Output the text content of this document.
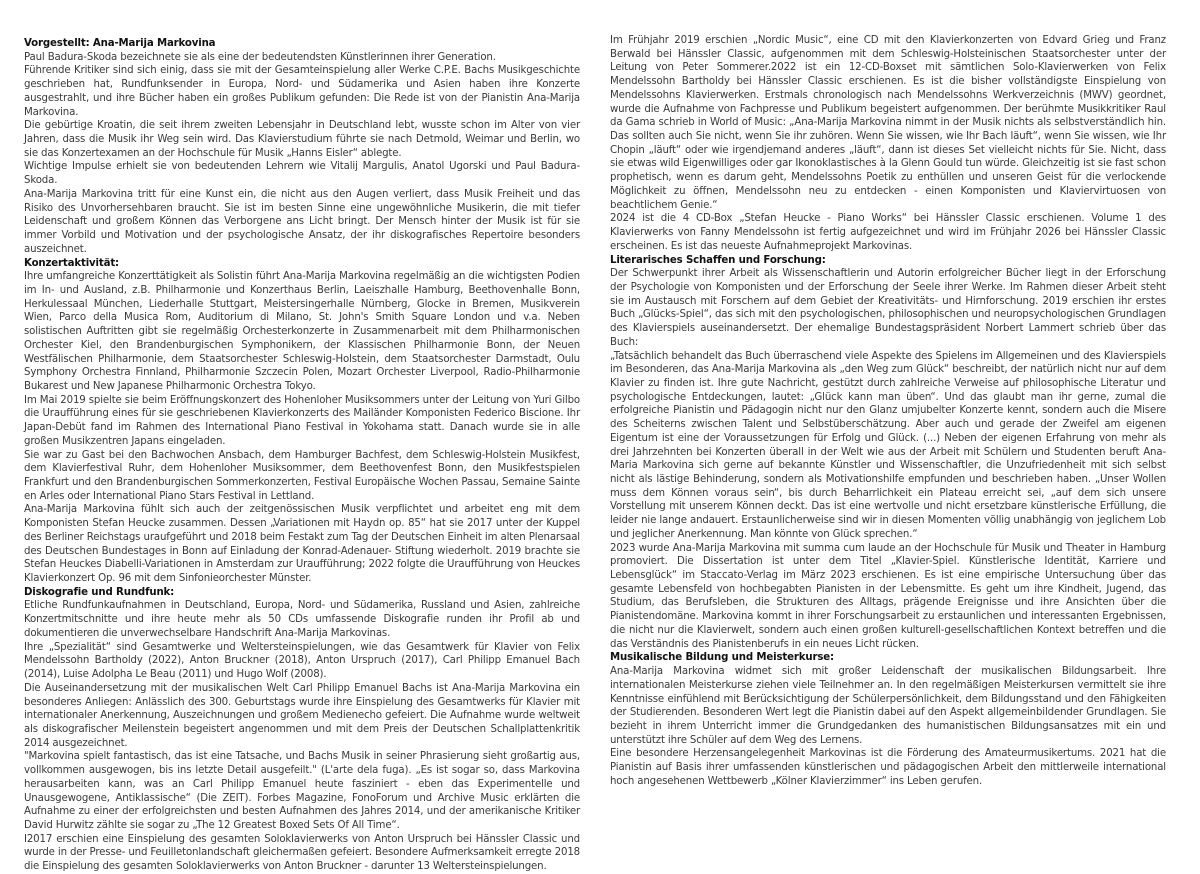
Vorgestellt: Ana-Marija Markovina

Paul Badura-Skoda bezeichnete sie als eine der bedeutendsten Künstlerinnen ihrer Generation.

Führende Kritiker sind sich einig, dass sie mit der Gesamteinspielung aller Werke C.P.E. Bachs Musikgeschichte geschrieben hat, Rundfunksender in Europa, Nord- und Südamerika und Asien haben ihre Konzerte ausgestrahlt, und ihre Bücher haben ein großes Publikum gefunden: Die Rede ist von der Pianistin Ana-Marija Markovina.

Die gebürtige Kroatin, die seit ihrem zweiten Lebensjahr in Deutschland lebt, wusste schon im Alter von vier Jahren, dass die Musik ihr Weg sein wird. Das Klavierstudium führte sie nach Detmold, Weimar und Berlin, wo sie das Konzertexamen an der Hochschule für Musik „Hanns Eisler“ ablegte.

Wichtige Impulse erhielt sie von bedeutenden Lehrern wie Vitalij Margulis, Anatol Ugorski und Paul Badura-Skoda.

Ana-Marija Markovina tritt für eine Kunst ein, die nicht aus den Augen verliert, dass Musik Freiheit und das Risiko des Unvorhersehbaren braucht. Sie ist im besten Sinne eine ungewöhnliche Musikerin, die mit tiefer Leidenschaft und großem Können das Verborgene ans Licht bringt. Der Mensch hinter der Musik ist für sie immer Vorbild und Motivation und der psychologische Ansatz, der ihr diskografisches Repertoire besonders auszeichnet.

Konzertaktivität:

Ihre umfangreiche Konzerttätigkeit als Solistin führt Ana-Marija Markovina regelmäßig an die wichtigsten Podien im In- und Ausland, z.B. Philharmonie und Konzerthaus Berlin, Laeiszhalle Hamburg, Beethovenhalle Bonn, Herkulessaal München, Liederhalle Stuttgart, Meistersingerhalle Nürnberg, Glocke in Bremen, Musikverein Wien, Parco della Musica Rom, Auditorium di Milano, St. John's Smith Square London und v.a. Neben solistischen Auftritten gibt sie regelmäßig Orchesterkonzerte in Zusammenarbeit mit dem Philharmonischen Orchester Kiel, den Brandenburgischen Symphonikern, der Klassischen Philharmonie Bonn, der Neuen Westfälischen Philharmonie, dem Staatsorchester Schleswig-Holstein, dem Staatsorchester Darmstadt, Oulu Symphony Orchestra Finnland, Philharmonie Szczecin Polen, Mozart Orchester Liverpool, Radio-Philharmonie Bukarest und New Japanese Philharmonic Orchestra Tokyo.

Im Mai 2019 spielte sie beim Eröffnungskonzert des Hohenloher Musiksommers unter der Leitung von Yuri Gilbo die Uraufführung eines für sie geschriebenen Klavierkonzerts des Mailänder Komponisten Federico Biscione. Ihr Japan-Debüt fand im Rahmen des International Piano Festival in Yokohama statt. Danach wurde sie in alle großen Musikzentren Japans eingeladen.

Sie war zu Gast bei den Bachwochen Ansbach, dem Hamburger Bachfest, dem Schleswig-Holstein Musikfest, dem Klavierfestival Ruhr, dem Hohenloher Musiksommer, dem Beethovenfest Bonn, den Musikfestspielen Frankfurt und den Brandenburgischen Sommerkonzerten, Festival Europäische Wochen Passau, Semaine Sainte en Arles oder International Piano Stars Festival in Lettland.

Ana-Marija Markovina fühlt sich auch der zeitgenössischen Musik verpflichtet und arbeitet eng mit dem Komponisten Stefan Heucke zusammen. Dessen „Variationen mit Haydn op. 85“ hat sie 2017 unter der Kuppel des Berliner Reichstags uraufgeführt und 2018 beim Festakt zum Tag der Deutschen Einheit im alten Plenarsaal des Deutschen Bundestages in Bonn auf Einladung der Konrad-Adenauer- Stiftung wiederholt. 2019 brachte sie Stefan Heuckes Diabelli-Variationen in Amsterdam zur Uraufführung; 2022 folgte die Uraufführung von Heuckes Klavierkonzert Op. 96 mit dem Sinfonieorchester Münster.

Diskografie und Rundfunk:

Etliche Rundfunkaufnahmen in Deutschland, Europa, Nord- und Südamerika, Russland und Asien, zahlreiche Konzertmitschnitte und ihre heute mehr als 50 CDs umfassende Diskografie runden ihr Profil ab und dokumentieren die unverwechselbare Handschrift Ana-Marija Markovinas.

Ihre „Spezialität“ sind Gesamtwerke und Weltersteinspielungen, wie das Gesamtwerk für Klavier von Felix Mendelssohn Bartholdy (2022), Anton Bruckner (2018), Anton Urspruch (2017), Carl Philipp Emanuel Bach (2014), Luise Adolpha Le Beau (2011) und Hugo Wolf (2008).

Die Auseinandersetzung mit der musikalischen Welt Carl Philipp Emanuel Bachs ist Ana-Marija Markovina ein besonderes Anliegen: Anlässlich des 300. Geburtstags wurde ihre Einspielung des Gesamtwerks für Klavier mit internationaler Anerkennung, Auszeichnungen und großem Medienecho gefeiert. Die Aufnahme wurde weltweit als diskografischer Meilenstein begeistert angenommen und mit dem Preis der Deutschen Schallplattenkritik 2014 ausgezeichnet.

"Markovina spielt fantastisch, das ist eine Tatsache, und Bachs Musik in seiner Phrasierung sieht großartig aus, vollkommen ausgewogen, bis ins letzte Detail ausgefeilt." (L'arte dela fuga). „Es ist sogar so, dass Markovina herausarbeiten kann, was an Carl Philipp Emanuel heute fasziniert - eben das Experimentelle und Unausgewogene, Antiklassische“ (Die ZEIT). Forbes Magazine, FonoForum und Archive Music erklärten die Aufnahme zu einer der erfolgreichsten und besten Aufnahmen des Jahres 2014, und der amerikanische Kritiker David Hurwitz zählte sie sogar zu „The 12 Greatest Boxed Sets Of All Time“.

I2017 erschien eine Einspielung des gesamten Soloklavierwerks von Anton Urspruch bei Hänssler Classic und wurde in der Presse- und Feuilletonlandschaft gleichermaßen gefeiert. Besondere Aufmerksamkeit erregte 2018 die Einspielung des gesamten Soloklavierwerks von Anton Bruckner - darunter 13 Weltersteinspielungen.

Im Frühjahr 2019 erschien „Nordic Music“, eine CD mit den Klavierkonzerten von Edvard Grieg und Franz Berwald bei Hänssler Classic, aufgenommen mit dem Schleswig-Holsteinischen Staatsorchester unter der Leitung von Peter Sommerer.2022 ist ein 12-CD-Boxset mit sämtlichen Solo-Klavierwerken von Felix Mendelssohn Bartholdy bei Hänssler Classic erschienen. Es ist die bisher vollständigste Einspielung von Mendelssohns Klavierwerken. Erstmals chronologisch nach Mendelssohns Werkverzeichnis (MWV) geordnet, wurde die Aufnahme von Fachpresse und Publikum begeistert aufgenommen. Der berühmte Musikkritiker Raul da Gama schrieb in World of Music: „Ana-Marija Markovina nimmt in der Musik nichts als selbstverständlich hin. Das sollten auch Sie nicht, wenn Sie ihr zuhören. Wenn Sie wissen, wie Ihr Bach läuft“, wenn Sie wissen, wie Ihr Chopin „läuft“ oder wie irgendjemand anderes „läuft“, dann ist dieses Set vielleicht nichts für Sie. Nicht, dass sie etwas wild Eigenwilliges oder gar Ikonoklastisches à la Glenn Gould tun würde. Gleichzeitig ist sie fast schon prophetisch, wenn es darum geht, Mendelssohns Poetik zu enthüllen und unseren Geist für die verlockende Möglichkeit zu öffnen, Mendelssohn neu zu entdecken - einen Komponisten und Klaviervirtuosen von beachtlichem Genie.“

2024 ist die 4 CD-Box „Stefan Heucke - Piano Works“ bei Hänssler Classic erschienen. Volume 1 des Klavierwerks von Fanny Mendelssohn ist fertig aufgezeichnet und wird im Frühjahr 2026 bei Hänssler Classic erscheinen. Es ist das neueste Aufnahmeprojekt Markovinas.

Literarisches Schaffen und Forschung:

Der Schwerpunkt ihrer Arbeit als Wissenschaftlerin und Autorin erfolgreicher Bücher liegt in der Erforschung der Psychologie von Komponisten und der Erforschung der Seele ihrer Werke. Im Rahmen dieser Arbeit steht sie im Austausch mit Forschern auf dem Gebiet der Kreativitäts- und Hirnforschung. 2019 erschien ihr erstes Buch „Glücks-Spiel“, das sich mit den psychologischen, philosophischen und neuropsychologischen Grundlagen des Klavierspiels auseinandersetzt. Der ehemalige Bundestagspräsident Norbert Lammert schrieb über das Buch:

„Tatsächlich behandelt das Buch überraschend viele Aspekte des Spielens im Allgemeinen und des Klavierspiels im Besonderen, das Ana-Marija Markovina als „den Weg zum Glück“ beschreibt, der natürlich nicht nur auf dem Klavier zu finden ist. Ihre gute Nachricht, gestützt durch zahlreiche Verweise auf philosophische Literatur und psychologische Entdeckungen, lautet: „Glück kann man üben“. Und das glaubt man ihr gerne, zumal die erfolgreiche Pianistin und Pädagogin nicht nur den Glanz umjubelter Konzerte kennt, sondern auch die Misere des Scheiterns zwischen Talent und Selbstüberschätzung. Aber auch und gerade der Zweifel am eigenen Eigentum ist eine der Voraussetzungen für Erfolg und Glück. (...) Neben der eigenen Erfahrung von mehr als drei Jahrzehnten bei Konzerten überall in der Welt wie aus der Arbeit mit Schülern und Studenten beruft Ana-Maria Markovina sich gerne auf bekannte Künstler und Wissenschaftler, die Unzufriedenheit mit sich selbst nicht als lästige Behinderung, sondern als Motivationshilfe empfunden und beschrieben haben. „Unser Wollen muss dem Können voraus sein“, bis durch Beharrlichkeit ein Plateau erreicht sei, „auf dem sich unsere Vorstellung mit unserem Können deckt. Das ist eine wertvolle und nicht ersetzbare künstlerische Erfüllung, die leider nie lange andauert. Erstaunlicherweise sind wir in diesen Momenten völlig unabhängig von jeglichem Lob und jeglicher Anerkennung. Man könnte von Glück sprechen.“

2023 wurde Ana-Marija Markovina mit summa cum laude an der Hochschule für Musik und Theater in Hamburg promoviert. Die Dissertation ist unter dem Titel „Klavier-Spiel. Künstlerische Identität, Karriere und Lebensglück“ im Staccato-Verlag im März 2023 erschienen. Es ist eine empirische Untersuchung über das gesamte Lebensfeld von hochbegabten Pianisten in der Lebensmitte. Es geht um ihre Kindheit, Jugend, das Studium, das Berufsleben, die Strukturen des Alltags, prägende Ereignisse und ihre Ansichten über die Pianistendomäne. Markovina kommt in ihrer Forschungsarbeit zu erstaunlichen und interessanten Ergebnissen, die nicht nur die Klavierwelt, sondern auch einen großen kulturell-gesellschaftlichen Kontext betreffen und die das Verständnis des Pianistenberufs in ein neues Licht rücken.

Musikalische Bildung und Meisterkurse:

Ana-Marija Markovina widmet sich mit großer Leidenschaft der musikalischen Bildungsarbeit. Ihre internationalen Meisterkurse ziehen viele Teilnehmer an. In den regelmäßigen Meisterkursen vermittelt sie ihre Kenntnisse einfühlend mit Berücksichtigung der Schülerpersönlichkeit, dem Bildungsstand und den Fähigkeiten der Studierenden. Besonderen Wert legt die Pianistin dabei auf den Aspekt allgemeinbildender Grundlagen. Sie bezieht in ihrem Unterricht immer die Grundgedanken des humanistischen Bildungsansatzes mit ein und unterstützt ihre Schüler auf dem Weg des Lernens.

Eine besondere Herzensangelegenheit Markovinas ist die Förderung des Amateurmusikertums. 2021 hat die Pianistin auf Basis ihrer umfassenden künstlerischen und pädagogischen Arbeit den mittlerweile international hoch angesehenen Wettbewerb „Kölner Klavierzimmer“ ins Leben gerufen.
